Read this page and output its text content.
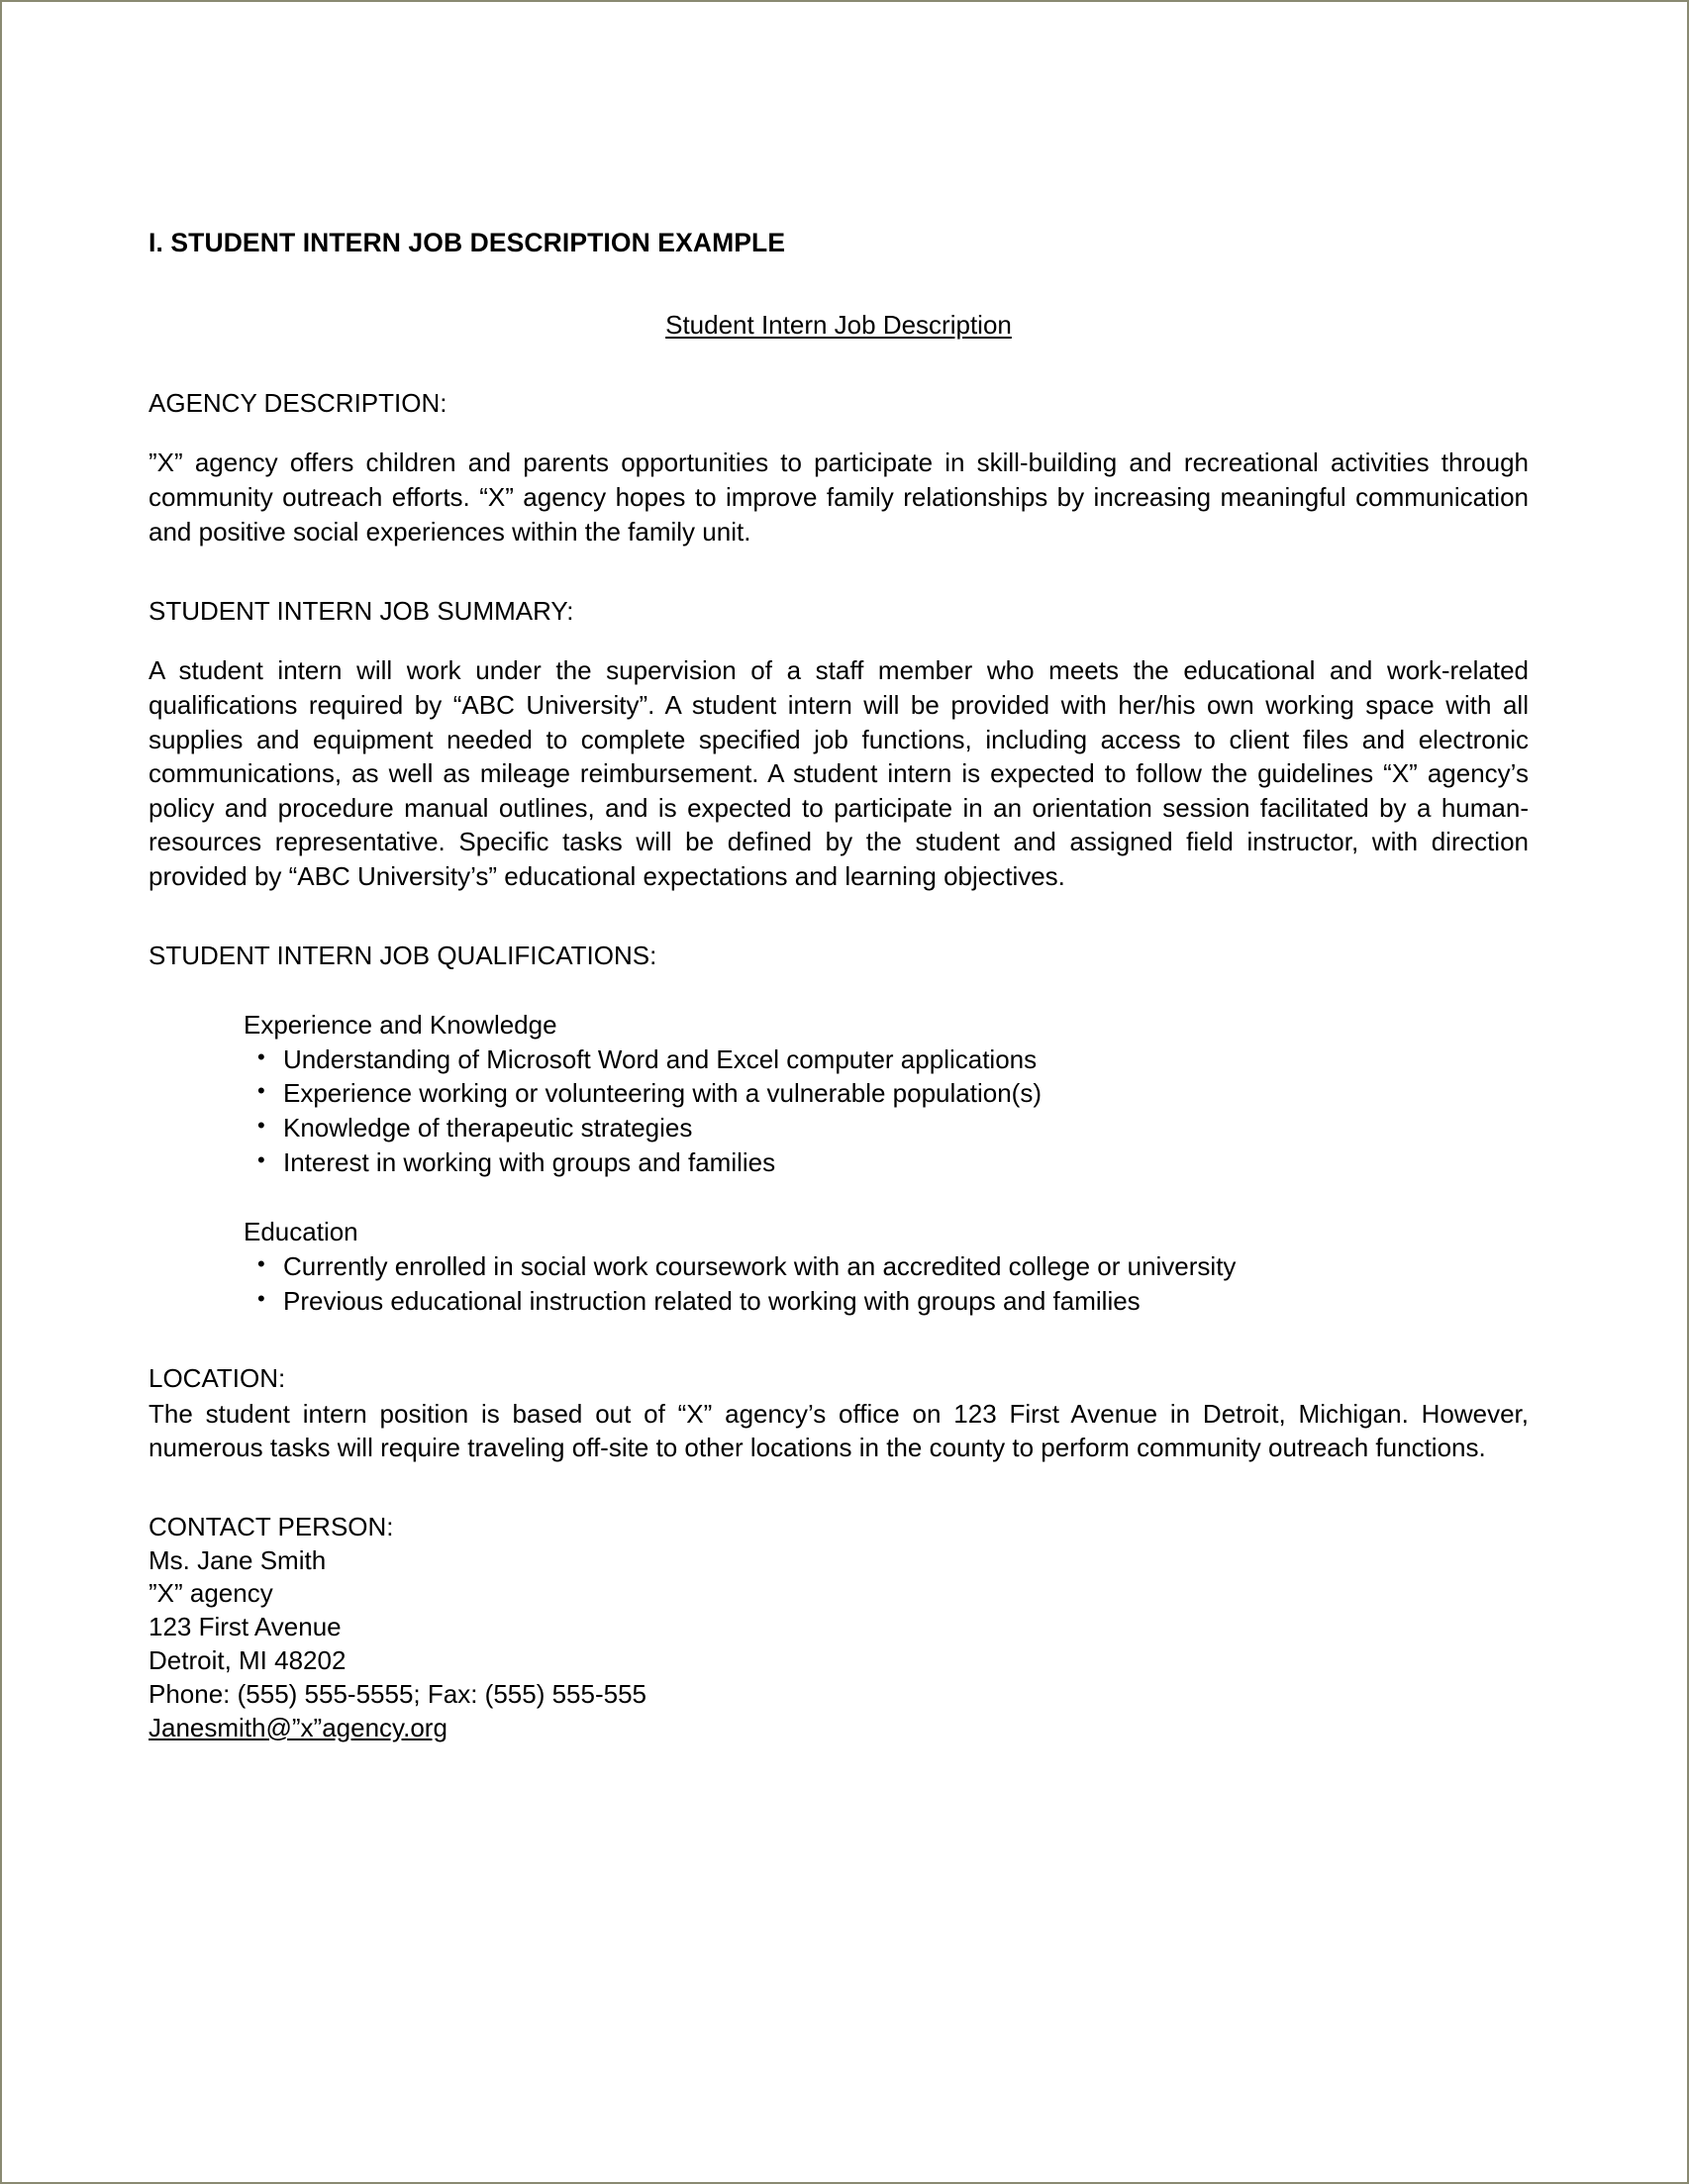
I. STUDENT INTERN JOB DESCRIPTION EXAMPLE
Student Intern Job Description
AGENCY DESCRIPTION:
”X” agency offers children and parents opportunities to participate in skill-building and recreational activities through community outreach efforts. “X” agency hopes to improve family relationships by increasing meaningful communication and positive social experiences within the family unit.
STUDENT INTERN JOB SUMMARY:
A student intern will work under the supervision of a staff member who meets the educational and work-related qualifications required by “ABC University”. A student intern will be provided with her/his own working space with all supplies and equipment needed to complete specified job functions, including access to client files and electronic communications, as well as mileage reimbursement. A student intern is expected to follow the guidelines “X” agency’s policy and procedure manual outlines, and is expected to participate in an orientation session facilitated by a human-resources representative. Specific tasks will be defined by the student and assigned field instructor, with direction provided by “ABC University’s” educational expectations and learning objectives.
STUDENT INTERN JOB QUALIFICATIONS:
Experience and Knowledge
• Understanding of Microsoft Word and Excel computer applications
• Experience working or volunteering with a vulnerable population(s)
• Knowledge of therapeutic strategies
• Interest in working with groups and families
Education
• Currently enrolled in social work coursework with an accredited college or university
• Previous educational instruction related to working with groups and families
LOCATION:
The student intern position is based out of “X” agency’s office on 123 First Avenue in Detroit, Michigan. However, numerous tasks will require traveling off-site to other locations in the county to perform community outreach functions.
CONTACT PERSON:
Ms. Jane Smith
”X” agency
123 First Avenue
Detroit, MI 48202
Phone: (555) 555-5555; Fax: (555) 555-555
Janesmith@”x”agency.org
